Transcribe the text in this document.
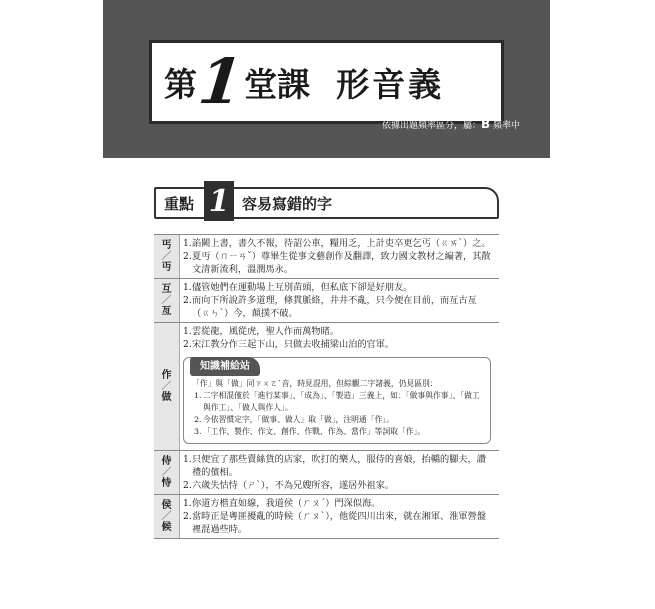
第
1
堂課 形音義
依據出題頻率區分，屬：B 頻率中
重點 1 容易寫錯的字
丐
／
丏
1. 諂闕上書，書久不報，待詔公車，糧用乏，上計吏卒更乞丐（ㄍㄞˋ）之。
2. 夏丏（ㄇㄧㄢˇ）尊畢生從事文藝創作及翻譯，致力國文教材之編著，其散文清新流利，溫潤馬永。
互
／
亙
1. 儘管她們在運動場上互別苗頭，但私底下卻是好朋友。
2. 而向下所說許多道理，條貫脈絡，井井不亂，只今便在目前，而亙古亙（ㄍㄣˋ）今，顛撲不破。
作
／
做
1. 雲從龍，風從虎，聖人作而萬物睹。
2. 宋江教分作三起下山，只做去收捕梁山泊的官軍。
知識補給站
「作」與「做」同ㄗㄨㄛˋ音，時見混用，但綜觀二字諸義，仍見區別：
1. 二字相混僅於「進行某事」、「成為」、「製造」三義上，如：「做事與作事」、「做工與作工」、「做人與作人」。
2. 今依習慣定字，「做事、做人」取「做」，注明通「作」。
3. 「工作、製作、作文、創作、作戰、作為、當作」等詞取「作」。
侍
／
恃
1. 只便宜了那些賣絲貨的店家，吹打的樂人，服侍的喜娘，抬轎的腳夫，讚禮的儐相。
2. 六歲失怙恃（ㄕˋ），不為兄嫂所容，遂居外祖家。
侯
／
候
1. 你道方楷直如線，我道侯（ㄏㄡˊ）門深似海。
2. 當時正是粵匪擾亂的時候（ㄏㄡˋ），他從四川出來，就在湘軍、淮軍營盤裡混過些時。
